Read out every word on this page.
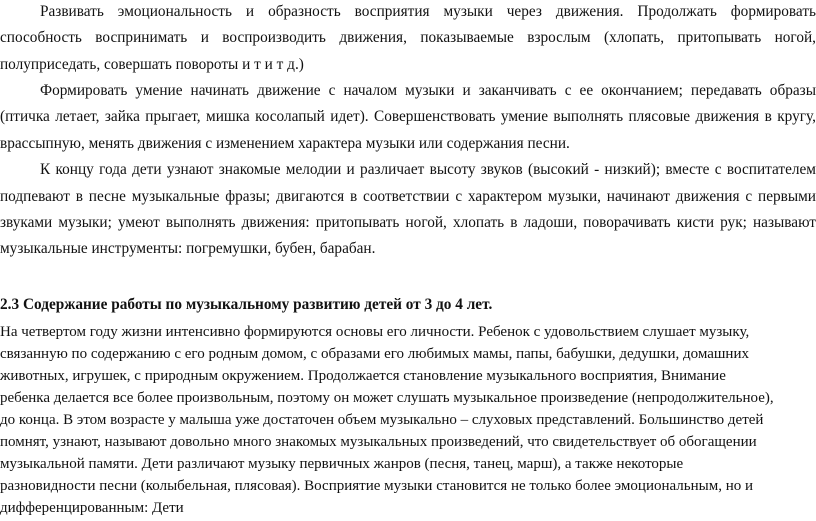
Развивать эмоциональность и образность восприятия музыки через движения. Продолжать формировать
способность воспринимать и воспроизводить движения, показываемые взрослым (хлопать, притопывать ногой,
полуприседать, совершать повороты и т и т д.)
Формировать умение начинать движение с началом музыки и заканчивать с ее окончанием; передавать образы
(птичка летает, зайка прыгает, мишка косолапый идет). Совершенствовать умение выполнять плясовые движения в кругу,
врассыпную, менять движения с изменением характера музыки или содержания песни.
К концу года дети узнают знакомые мелодии и различает высоту звуков (высокий - низкий); вместе с воспитателем
подпевают в песне музыкальные фразы; двигаются в соответствии с характером музыки, начинают движения с первыми
звуками музыки; умеют выполнять движения: притопывать ногой, хлопать в ладоши, поворачивать кисти рук; называют
музыкальные инструменты: погремушки, бубен, барабан.
2.3 Содержание работы по музыкальному развитию детей от 3 до 4 лет.
На четвертом году жизни интенсивно формируются основы его личности. Ребенок с удовольствием слушает музыку,
связанную по содержанию с его родным домом, с образами его любимых мамы, папы, бабушки, дедушки, домашних
животных, игрушек, с природным окружением. Продолжается становление музыкального восприятия, Внимание
ребенка делается все более произвольным, поэтому он может слушать музыкальное произведение (непродолжительное),
до конца. В этом возрасте у малыша уже достаточен объем музыкально – слуховых представлений. Большинство детей
помнят, узнают, называют довольно много знакомых музыкальных произведений, что свидетельствует об обогащении
музыкальной памяти. Дети различают музыку первичных жанров (песня, танец, марш), а также некоторые
разновидности песни (колыбельная, плясовая). Восприятие музыки становится не только более эмоциональным, но и
дифференцированным: Дети
